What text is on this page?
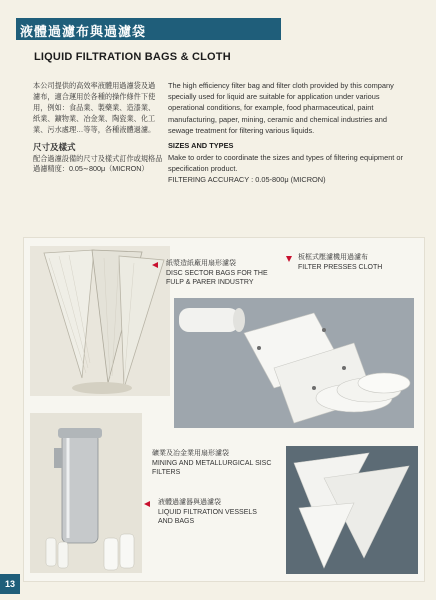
液體過濾布與過濾袋
LIQUID FILTRATION BAGS & CLOTH
本公司提供的高效率液體用過濾袋及過濾布，適合運用於各種的操作條件下使用，例如：食品業、製藥業、造漆業、紙業、鑛物業、冶金業、陶瓷業、化工業、污水處理…等等，各種液體過濾。
尺寸及樣式
配合過濾設備的尺寸及樣式訂作或規格品
過濾精度：0.05∼800μ（MICRON）
The high efficiency filter bag and filter cloth provided by this company specially used for liquid are suitable for application under various operational conditions, for example, food pharmaceutical, paint manufacturing, paper, mining, ceramic and chemical industries and sewage treatment for filtering various liquids.
SIZES AND TYPES
Make to order to coordinate the sizes and types of filtering equipment or specification product.
FILTERING ACCURACY : 0.05-800μ (MICRON)
紙漿造紙廠用扇形濾袋
DISC SECTOR BAGS FOR THE FULP & PARER INDUSTRY
板框式壓濾機用過濾布
FILTER PRESSES CLOTH
礦業及冶金業用扇形濾袋
MINING AND METALLURGICAL SISC FILTERS
液體過濾器與過濾袋
LIQUID FILTRATION VESSELS AND BAGS
13
